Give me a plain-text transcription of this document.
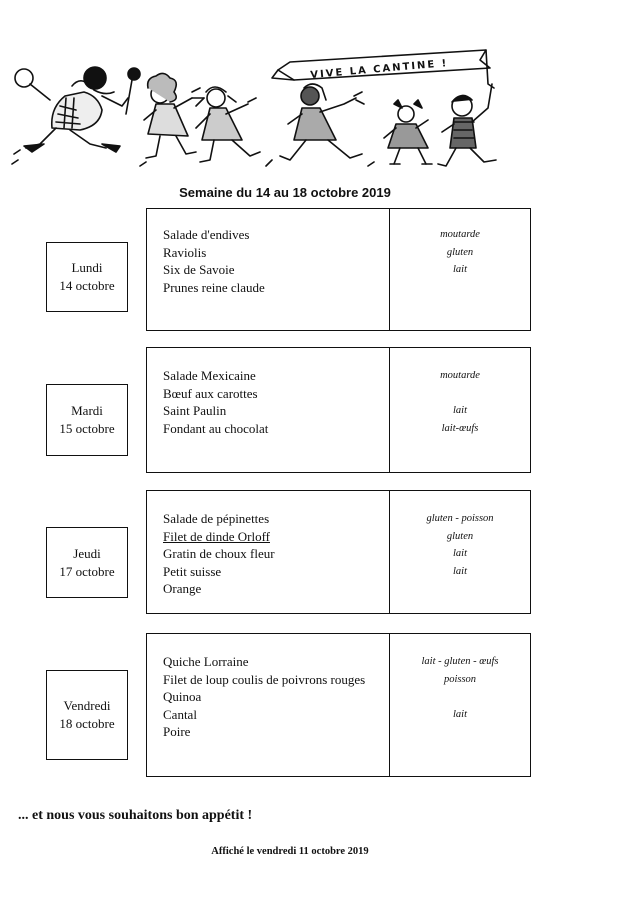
VIVE LA CANTINE !
Semaine du 14 au 18 octobre 2019
Lundi
14 octobre
Salade d'endives
Raviolis
Six de Savoie
Prunes reine claude
moutarde
gluten
lait
Mardi
15 octobre
Salade Mexicaine
Bœuf aux carottes
Saint Paulin
Fondant au chocolat
moutarde
lait
lait-œufs
Jeudi
17 octobre
Salade de pépinettes
Filet de dinde Orloff
Gratin de choux fleur
Petit suisse
Orange
gluten - poisson
gluten
lait
lait
Vendredi
18 octobre
Quiche Lorraine
Filet de loup coulis de poivrons rouges
Quinoa
Cantal
Poire
lait - gluten - œufs
poisson
lait
... et nous vous souhaitons bon appétit !
Affiché le vendredi 11 octobre 2019
